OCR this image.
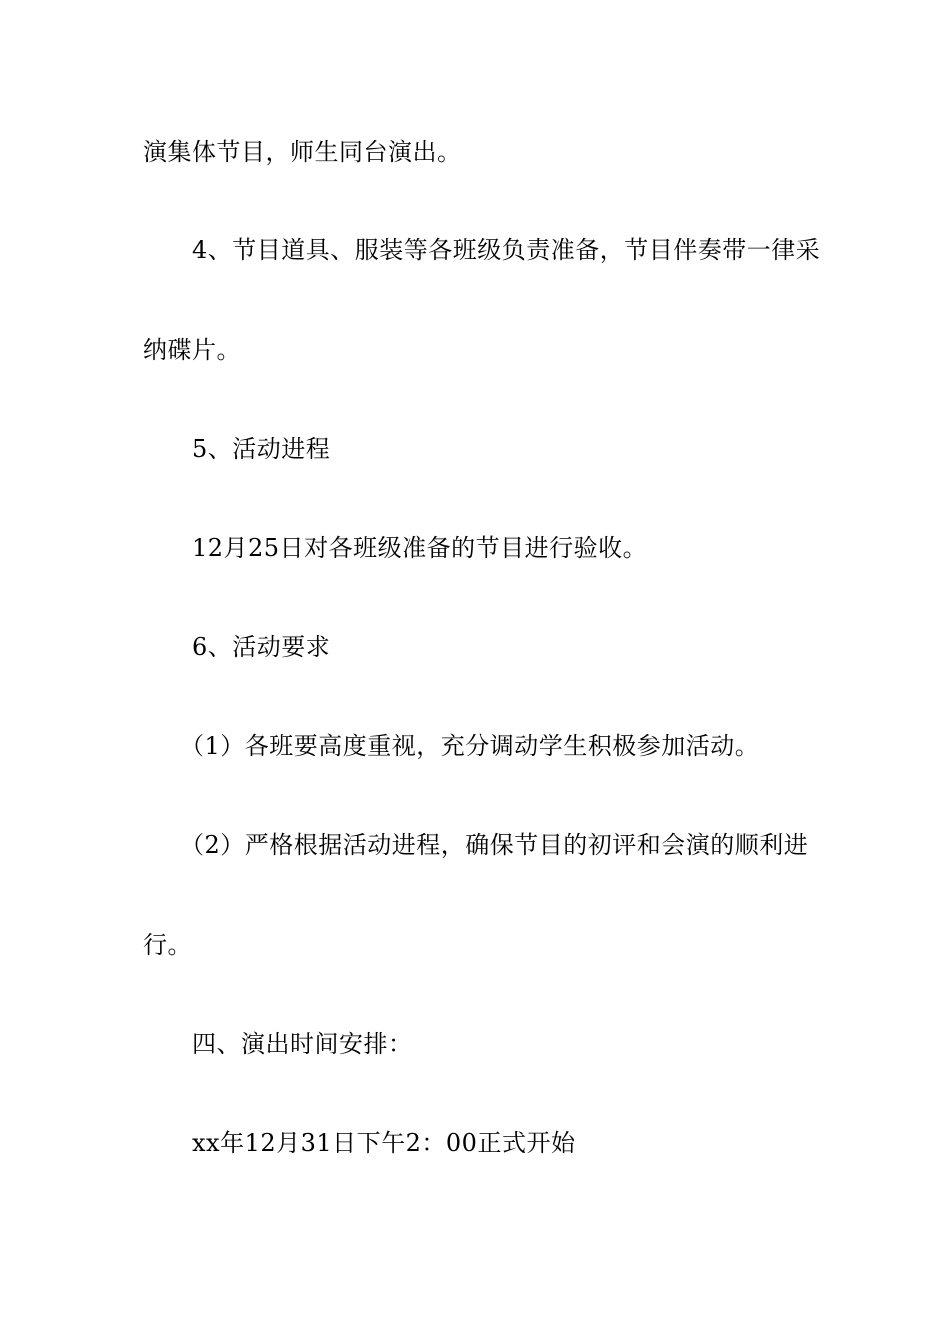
演集体节目，师生同台演出。
4、节目道具、服装等各班级负责准备，节目伴奏带一律采
纳碟片。
5、活动进程
12月25日对各班级准备的节目进行验收。
6、活动要求
（1）各班要高度重视，充分调动学生积极参加活动。
（2）严格根据活动进程，确保节目的初评和会演的顺利进
行。
四、演出时间安排：
xx年12月31日下午2：00正式开始
